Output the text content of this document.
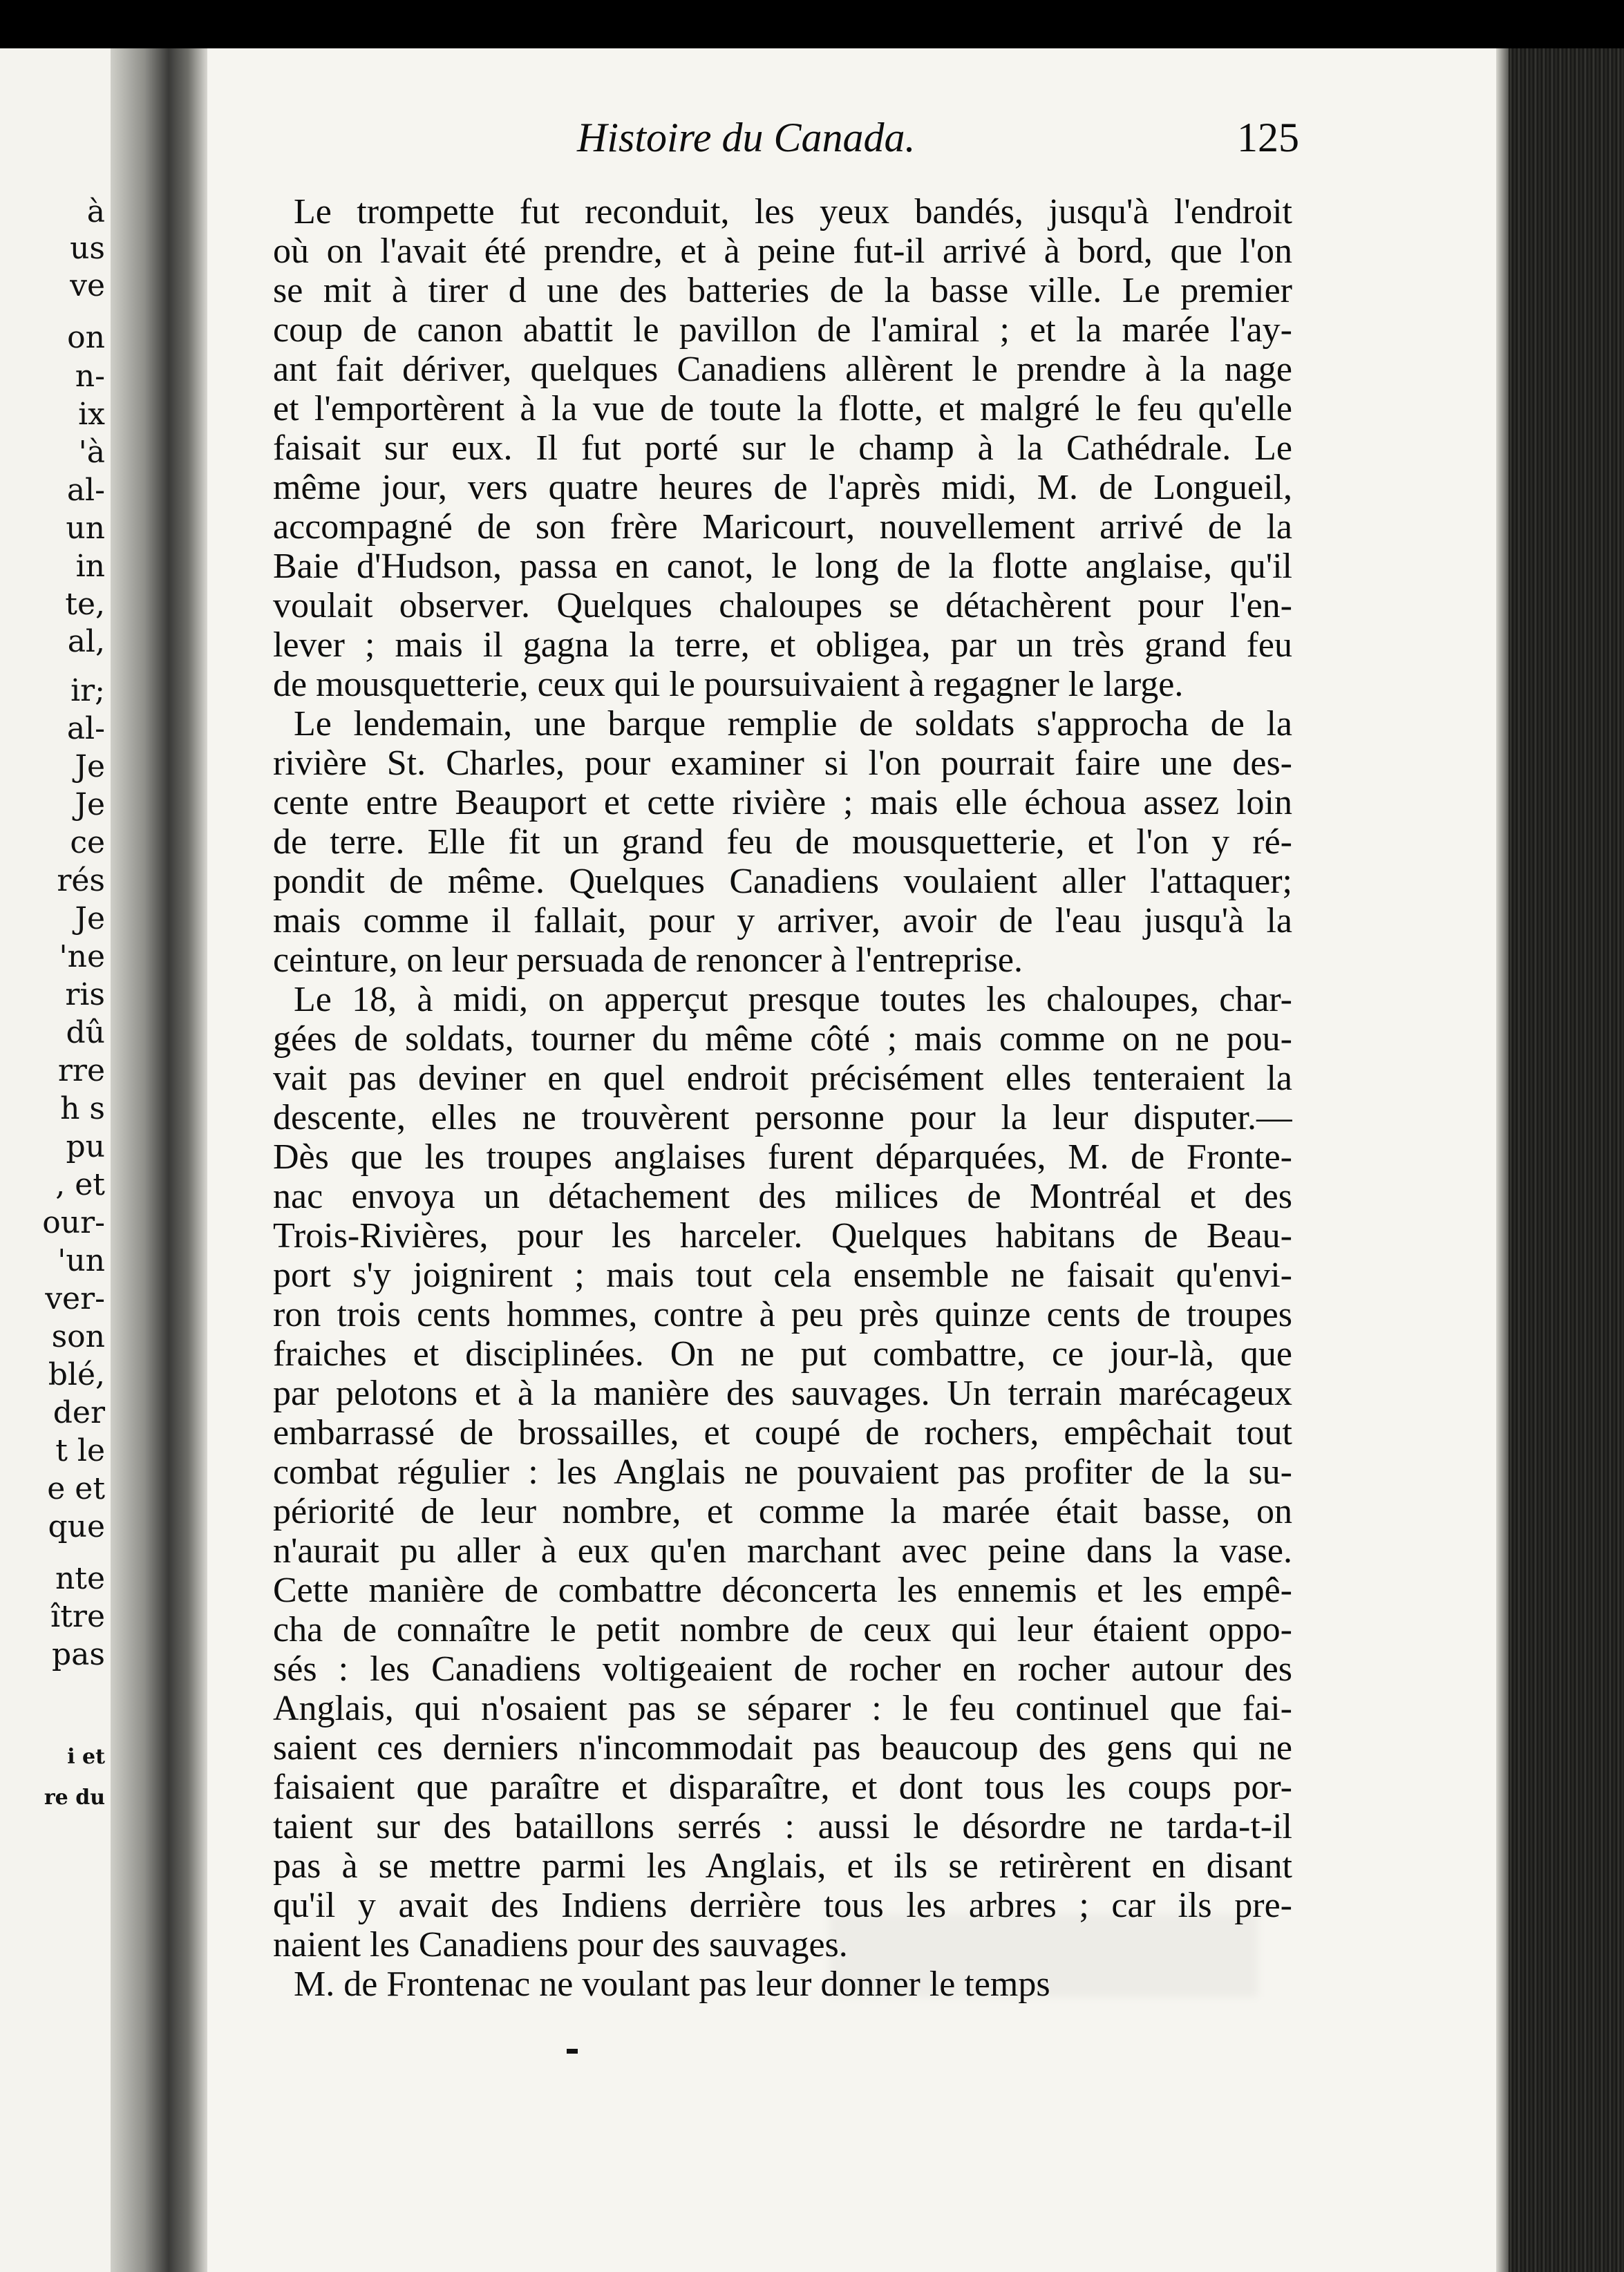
à
us
ve
on
n-
ix
'à
al-
un
in
te,
al,
ir;
al-
Je
Je
ce
rés
Je
'ne
ris
dû
rre
h s
pu
, et
our-
'un
ver-
son
blé,
der
t le
e et
que
nte
ître
pas
i et
re du
Histoire du Canada.	125
Le trompette fut reconduit, les yeux bandés, jusqu'à l'endroit
où on l'avait été prendre, et à peine fut-il arrivé à bord, que l'on
se mit à tirer d une des batteries de la basse ville. Le premier
coup de canon abattit le pavillon de l'amiral ; et la marée l'ay-
ant fait dériver, quelques Canadiens allèrent le prendre à la nage
et l'emportèrent à la vue de toute la flotte, et malgré le feu qu'elle
faisait sur eux. Il fut porté sur le champ à la Cathédrale. Le
même jour, vers quatre heures de l'après midi, M. de Longueil,
accompagné de son frère Maricourt, nouvellement arrivé de la
Baie d'Hudson, passa en canot, le long de la flotte anglaise, qu'il
voulait observer. Quelques chaloupes se détachèrent pour l'en-
lever ; mais il gagna la terre, et obligea, par un très grand feu
de mousquetterie, ceux qui le poursuivaient à regagner le large.
Le lendemain, une barque remplie de soldats s'approcha de la
rivière St. Charles, pour examiner si l'on pourrait faire une des-
cente entre Beauport et cette rivière ; mais elle échoua assez loin
de terre. Elle fit un grand feu de mousquetterie, et l'on y ré-
pondit de même. Quelques Canadiens voulaient aller l'attaquer;
mais comme il fallait, pour y arriver, avoir de l'eau jusqu'à la
ceinture, on leur persuada de renoncer à l'entreprise.
Le 18, à midi, on apperçut presque toutes les chaloupes, char-
gées de soldats, tourner du même côté ; mais comme on ne pou-
vait pas deviner en quel endroit précisément elles tenteraient la
descente, elles ne trouvèrent personne pour la leur disputer.—
Dès que les troupes anglaises furent déparquées, M. de Fronte-
nac envoya un détachement des milices de Montréal et des
Trois-Rivières, pour les harceler. Quelques habitans de Beau-
port s'y joignirent ; mais tout cela ensemble ne faisait qu'envi-
ron trois cents hommes, contre à peu près quinze cents de troupes
fraiches et disciplinées. On ne put combattre, ce jour-là, que
par pelotons et à la manière des sauvages. Un terrain marécageux
embarrassé de brossailles, et coupé de rochers, empêchait tout
combat régulier : les Anglais ne pouvaient pas profiter de la su-
périorité de leur nombre, et comme la marée était basse, on
n'aurait pu aller à eux qu'en marchant avec peine dans la vase.
Cette manière de combattre déconcerta les ennemis et les empê-
cha de connaître le petit nombre de ceux qui leur étaient oppo-
sés : les Canadiens voltigeaient de rocher en rocher autour des
Anglais, qui n'osaient pas se séparer : le feu continuel que fai-
saient ces derniers n'incommodait pas beaucoup des gens qui ne
faisaient que paraître et disparaître, et dont tous les coups por-
taient sur des bataillons serrés : aussi le désordre ne tarda-t-il
pas à se mettre parmi les Anglais, et ils se retirèrent en disant
qu'il y avait des Indiens derrière tous les arbres ; car ils pre-
naient les Canadiens pour des sauvages.
M. de Frontenac ne voulant pas leur donner le temps
